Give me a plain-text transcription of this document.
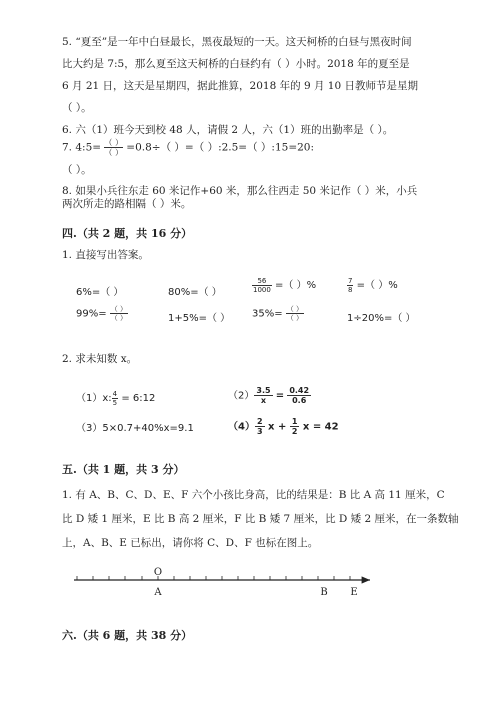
5. “夏至”是一年中白昼最长，黑夜最短的一天。这天柯桥的白昼与黑夜时间
比大约是 7:5，那么夏至这天柯桥的白昼约有（ ）小时。2018 年的夏至是
6 月 21 日，这天是星期四，据此推算，2018 年的 9 月 10 日教师节是星期
（ ）。
6. 六（1）班今天到校 48 人，请假 2 人，六（1）班的出勤率是（ ）。
7. 4:5= $\frac{( )}{( )} =0.8\div$（ ）=（ ）:2.5=（ ）:15=20:
（ ）。
8. 如果小兵往东走 60 米记作+60 米，那么往西走 50 米记作（ ）米，小兵
两次所走的路相隔（ ）米。
四.（共 2 题，共 16 分）
1. 直接写出答案。
6%=（ ）	80%=（ ）	$\frac{56}{1000}$ =（ ）%	$\frac{7}{8}$ =（ ）%
$99\%= \frac{( )}{( )}$	1+5%=（ ） $35\%= \frac{( )}{( )}$	1÷20%=（ ）
2. 求未知数 x。
（1）x: $\frac{4}{5}$ = 6:12	$(2) \frac{3.5}{x} = \frac{0.42}{0.6}$
（3）5×0.7+40%x=9.1	$(4) \frac{2}{3}$ $x + \frac{1}{2}$ x = 42
五.（共 1 题，共 3 分）
1. 有 A、B、C、D、E、F 六个小孩比身高，比的结果是：B 比 A 高 11 厘米，C
比 D 矮 1 厘米，E 比 B 高 2 厘米，F 比 B 矮 7 厘米，比 D 矮 2 厘米，在一条数轴
上，A、B、E 已标出，请你将 C、D、F 也标在图上。
O
A	B E
六.（共 6 题，共 38 分）
